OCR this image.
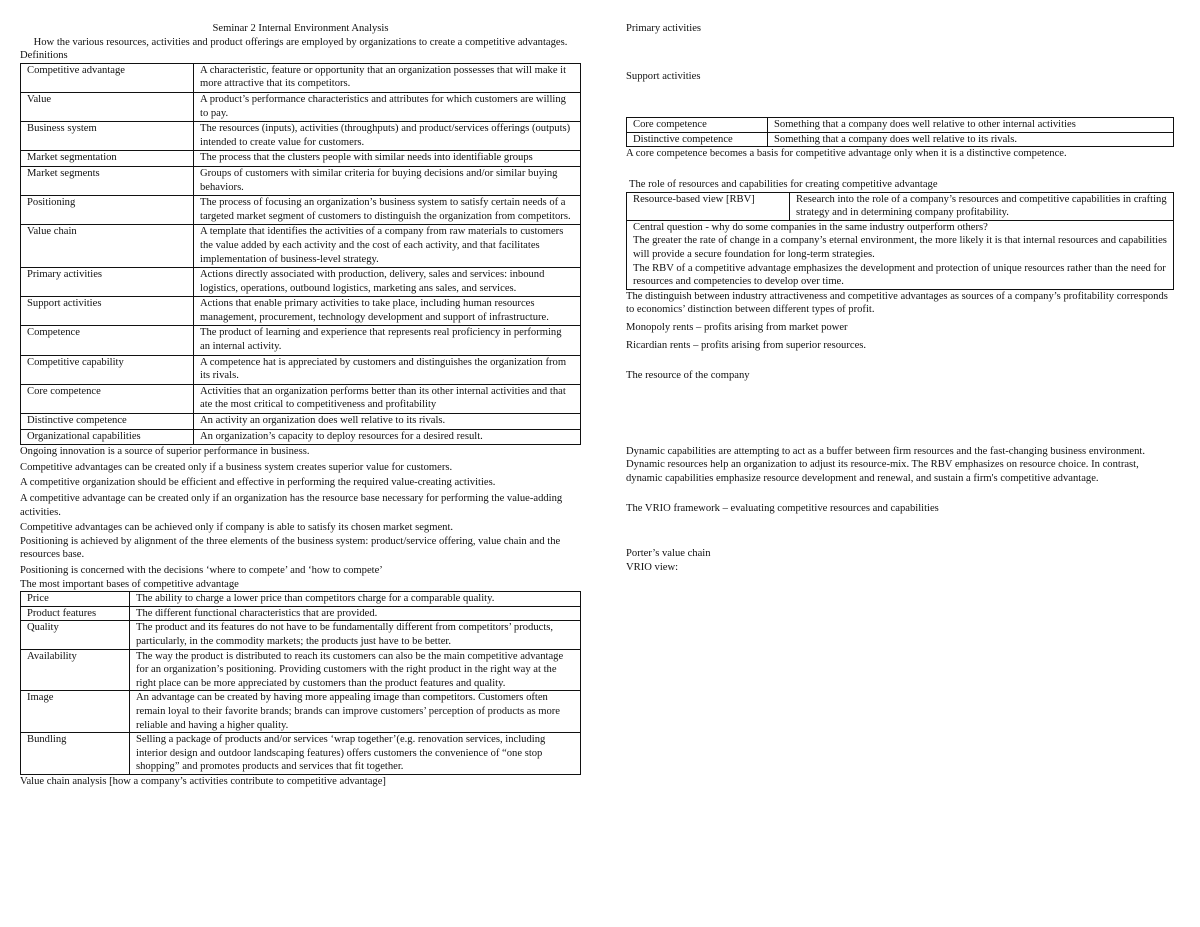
Seminar 2 Internal Environment Analysis
How the various resources, activities and product offerings are employed by organizations to create a competitive advantages.
Definitions
Competitive advantage	A characteristic, feature or opportunity that an organization possesses that will make it more attractive that its competitors.
Value	A product’s performance characteristics and attributes for which customers are willing to pay.
Business system	The resources (inputs), activities (throughputs) and product/services offerings (outputs) intended to create value for customers.
Market segmentation	The process that the clusters people with similar needs into identifiable groups
Market segments	Groups of customers with similar criteria for buying decisions and/or similar buying behaviors.
Positioning	The process of focusing an organization’s business system to satisfy certain needs of a targeted market segment of customers to distinguish the organization from competitors.
Value chain	A template that identifies the activities of a company from raw materials to customers the value added by each activity and the cost of each activity, and that facilitates implementation of business-level strategy.
Primary activities	Actions directly associated with production, delivery, sales and services: inbound logistics, operations, outbound logistics, marketing ans sales, and services.
Support activities	Actions that enable primary activities to take place, including human resources management, procurement, technology development and support of infrastructure.
Competence	The product of learning and experience that represents real proficiency in performing an internal activity.
Competitive capability	A competence hat is appreciated by customers and distinguishes the organization from its rivals.
Core competence	Activities that an organization performs better than its other internal activities and that ate the most critical to competitiveness and profitability
Distinctive competence	An activity an organization does well relative to its rivals.
Organizational capabilities	An organization’s capacity to deploy resources for a desired result.

Ongoing innovation is a source of superior performance in business.

Competitive advantages can be created only if a business system creates superior value for customers.

A competitive organization should be efficient and effective in performing the required value-creating activities.

A competitive advantage can be created only if an organization has the resource base necessary for performing the value-adding activities.

Competitive advantages can be achieved only if company is able to satisfy its chosen market segment.

Positioning is achieved by alignment of the three elements of the business system: product/service offering, value chain and the resources base.

Positioning is concerned with the decisions ‘where to compete’ and ‘how to compete’

The most important bases of competitive advantage
Price	The ability to charge a lower price than competitors charge for a comparable quality.
Product features	The different functional characteristics that are provided.
Quality	The product and its features do not have to be fundamentally different from competitors’ products, particularly, in the commodity markets; the products just have to be better.
Availability	The way the product is distributed to reach its customers can also be the main competitive advantage for an organization’s positioning. Providing customers with the right product in the right way at the right place can be more appreciated by customers than the product features and quality.
Image	An advantage can be created by having more appealing image than competitors. Customers often remain loyal to their favorite brands; brands can improve customers’ perception of products as more reliable and having a higher quality.
Bundling	Selling a package of products and/or services ‘wrap together’(e.g. renovation services, including interior design and outdoor landscaping features) offers customers the convenience of “one stop shopping” and promotes products and services that fit together.
Value chain analysis [how a company’s activities contribute to competitive advantage]
Primary activities
Support activities
Core competence	Something that a company does well relative to other internal activities
Distinctive competence	Something that a company does well relative to its rivals.
A core competence becomes a basis for competitive advantage only when it is a distinctive competence.
The role of resources and capabilities for creating competitive advantage
Resource-based view [RBV]	Research into the role of a company’s resources and competitive capabilities in crafting strategy and in determining company profitability.
Central question - why do some companies in the same industry outperform others?
The greater the rate of change in a company’s eternal environment, the more likely it is that internal resources and capabilities will provide a secure foundation for long-term strategies.
The RBV of a competitive advantage emphasizes the development and protection of unique resources rather than the need for resources and competencies to develop over time.
The distinguish between industry attractiveness and competitive advantages as sources of a company’s profitability corresponds to economics’ distinction between different types of profit.
Monopoly rents – profits arising from market power
Ricardian rents – profits arising from superior resources.
The resource of the company
Dynamic capabilities are attempting to act as a buffer between firm resources and the fast-changing business environment. Dynamic resources help an organization to adjust its resource-mix. The RBV emphasizes on resource choice. In contrast, dynamic capabilities emphasize resource development and renewal, and sustain a firm's competitive advantage.
The VRIO framework – evaluating competitive resources and capabilities
Porter’s value chain
VRIO view:
